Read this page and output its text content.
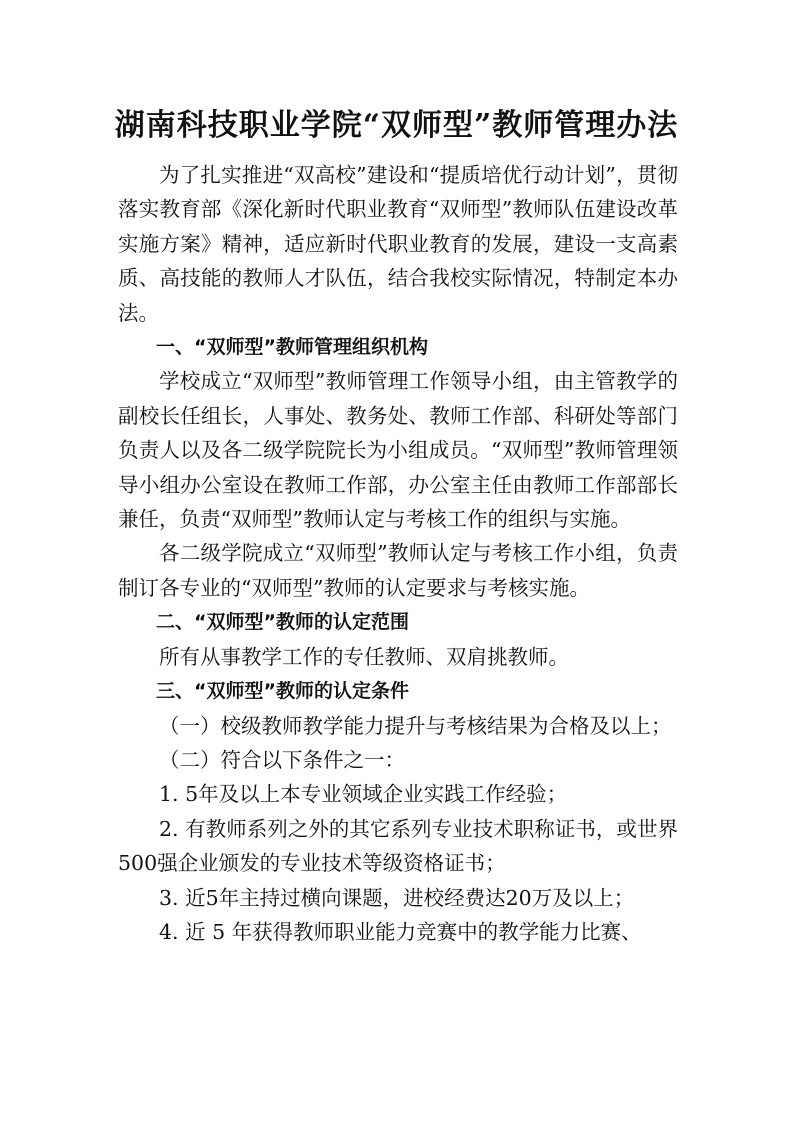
湖南科技职业学院“双师型”教师管理办法

为了扎实推进“双高校”建设和“提质培优行动计划”，贯彻落实教育部《深化新时代职业教育“双师型”教师队伍建设改革实施方案》精神，适应新时代职业教育的发展，建设一支高素质、高技能的教师人才队伍，结合我校实际情况，特制定本办法。

一、“双师型”教师管理组织机构

学校成立“双师型”教师管理工作领导小组，由主管教学的副校长任组长，人事处、教务处、教师工作部、科研处等部门负责人以及各二级学院院长为小组成员。“双师型”教师管理领导小组办公室设在教师工作部，办公室主任由教师工作部部长兼任，负责“双师型”教师认定与考核工作的组织与实施。

各二级学院成立“双师型”教师认定与考核工作小组，负责制订各专业的“双师型”教师的认定要求与考核实施。

二、“双师型”教师的认定范围

所有从事教学工作的专任教师、双肩挑教师。

三、“双师型”教师的认定条件

（一）校级教师教学能力提升与考核结果为合格及以上；

（二）符合以下条件之一：

1. 5年及以上本专业领域企业实践工作经验；

2. 有教师系列之外的其它系列专业技术职称证书，或世界500强企业颁发的专业技术等级资格证书；

3. 近5年主持过横向课题，进校经费达20万及以上；

4. 近 5 年获得教师职业能力竞赛中的教学能力比赛、
